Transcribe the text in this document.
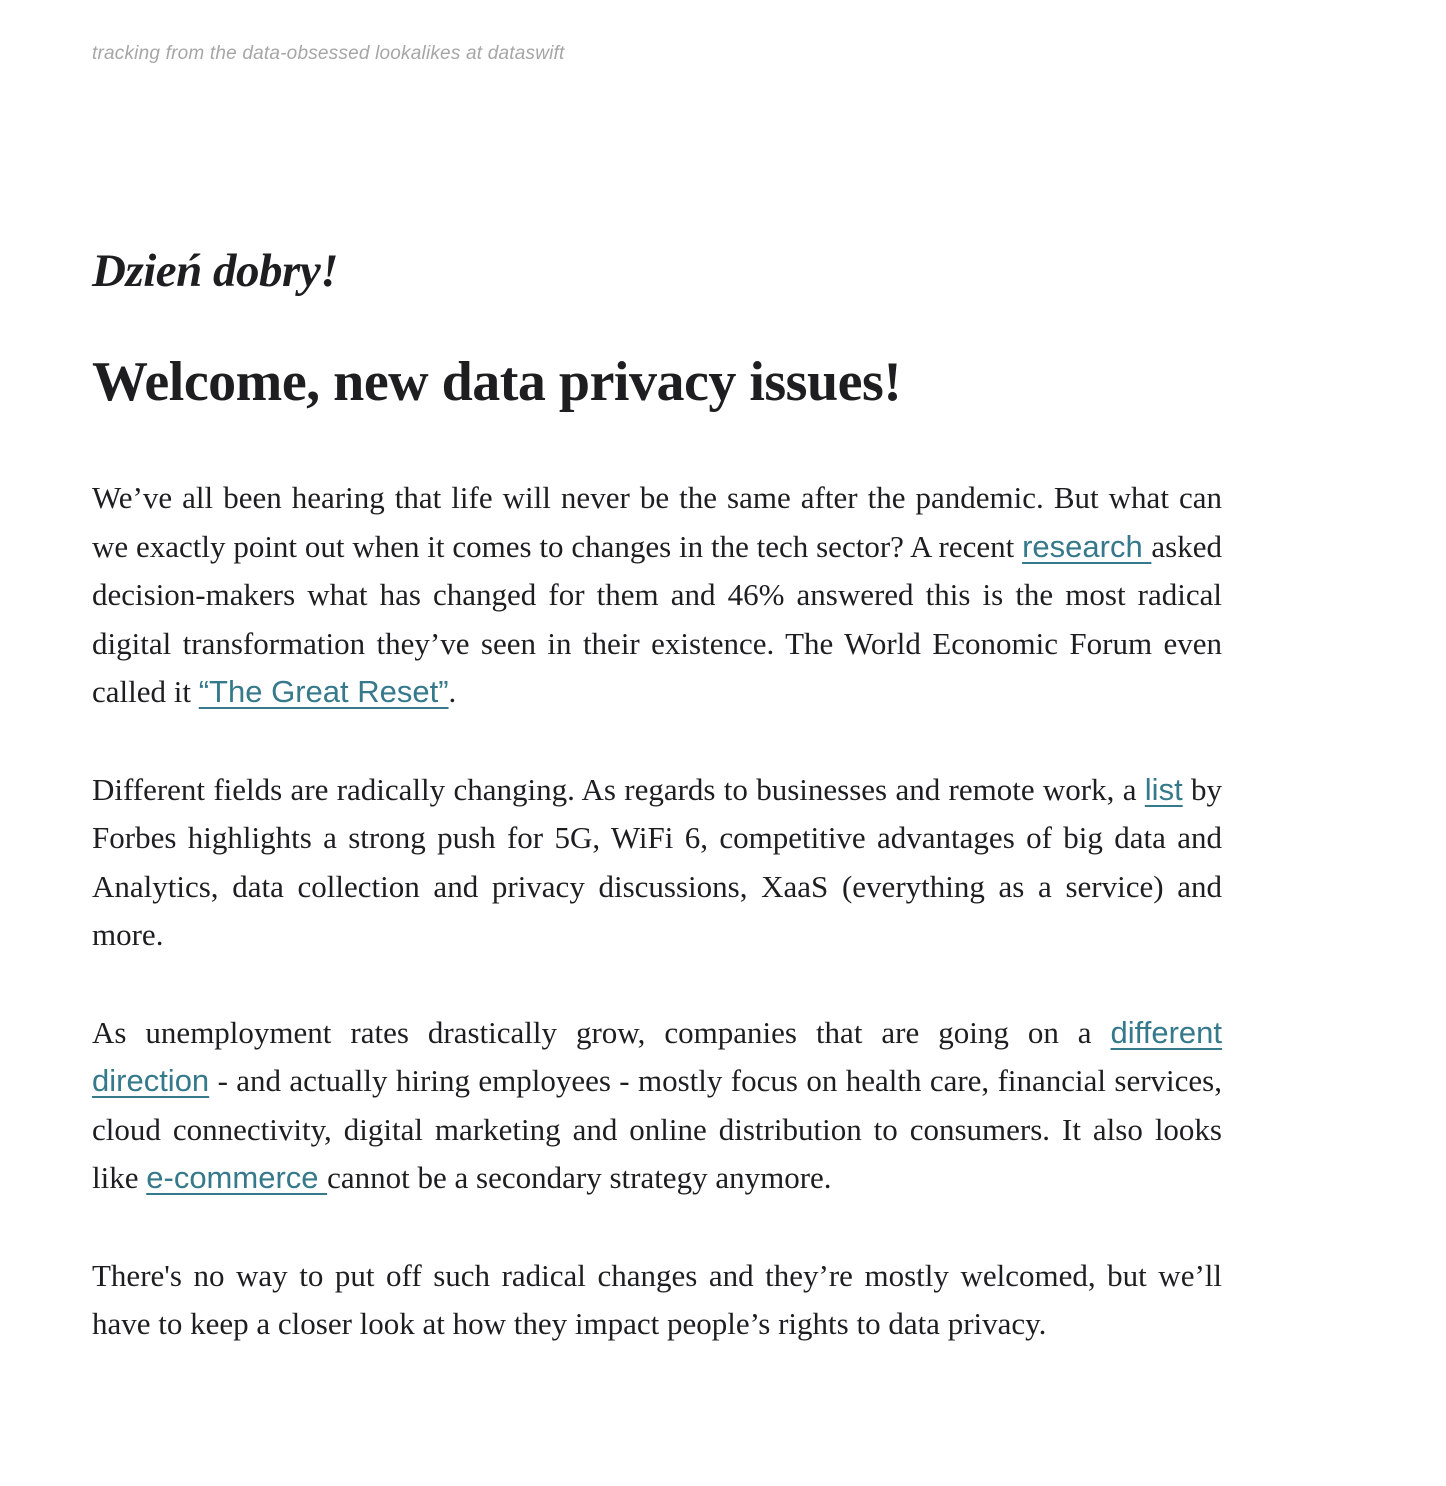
tracking from the data-obsessed lookalikes at dataswift
Dzień dobry!
Welcome, new data privacy issues!

We’ve all been hearing that life will never be the same after the pandemic. But what can we exactly point out when it comes to changes in the tech sector? A recent research asked decision-makers what has changed for them and 46% answered this is the most radical digital transformation they’ve seen in their existence. The World Economic Forum even called it “The Great Reset”.

Different fields are radically changing. As regards to businesses and remote work, a list by Forbes highlights a strong push for 5G, WiFi 6, competitive advantages of big data and Analytics, data collection and privacy discussions, XaaS (everything as a service) and more.

As unemployment rates drastically grow, companies that are going on a different direction - and actually hiring employees - mostly focus on health care, financial services, cloud connectivity, digital marketing and online distribution to consumers. It also looks like e-commerce cannot be a secondary strategy anymore.

There's no way to put off such radical changes and they’re mostly welcomed, but we’ll have to keep a closer look at how they impact people’s rights to data privacy.
